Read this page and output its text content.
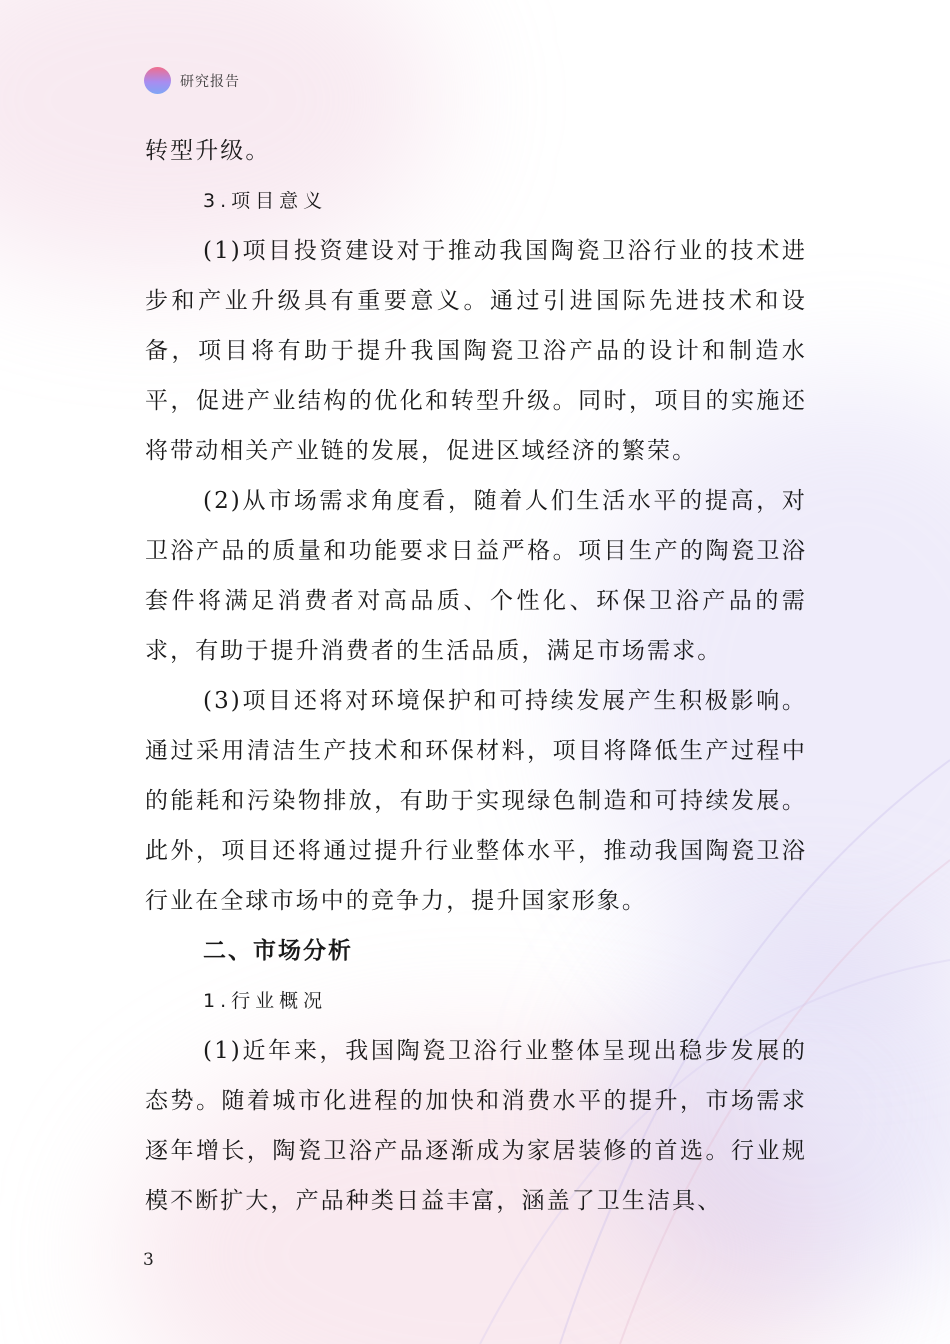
研究报告

转型升级。

3.项目意义

(1)项目投资建设对于推动我国陶瓷卫浴行业的技术进步和产业升级具有重要意义。通过引进国际先进技术和设备，项目将有助于提升我国陶瓷卫浴产品的设计和制造水平，促进产业结构的优化和转型升级。同时，项目的实施还将带动相关产业链的发展，促进区域经济的繁荣。

(2)从市场需求角度看，随着人们生活水平的提高，对卫浴产品的质量和功能要求日益严格。项目生产的陶瓷卫浴套件将满足消费者对高品质、个性化、环保卫浴产品的需求，有助于提升消费者的生活品质，满足市场需求。

(3)项目还将对环境保护和可持续发展产生积极影响。通过采用清洁生产技术和环保材料，项目将降低生产过程中的能耗和污染物排放，有助于实现绿色制造和可持续发展。此外，项目还将通过提升行业整体水平，推动我国陶瓷卫浴行业在全球市场中的竞争力，提升国家形象。

二、市场分析

1.行业概况

(1)近年来，我国陶瓷卫浴行业整体呈现出稳步发展的态势。随着城市化进程的加快和消费水平的提升，市场需求逐年增长，陶瓷卫浴产品逐渐成为家居装修的首选。行业规模不断扩大，产品种类日益丰富，涵盖了卫生洁具、

3
